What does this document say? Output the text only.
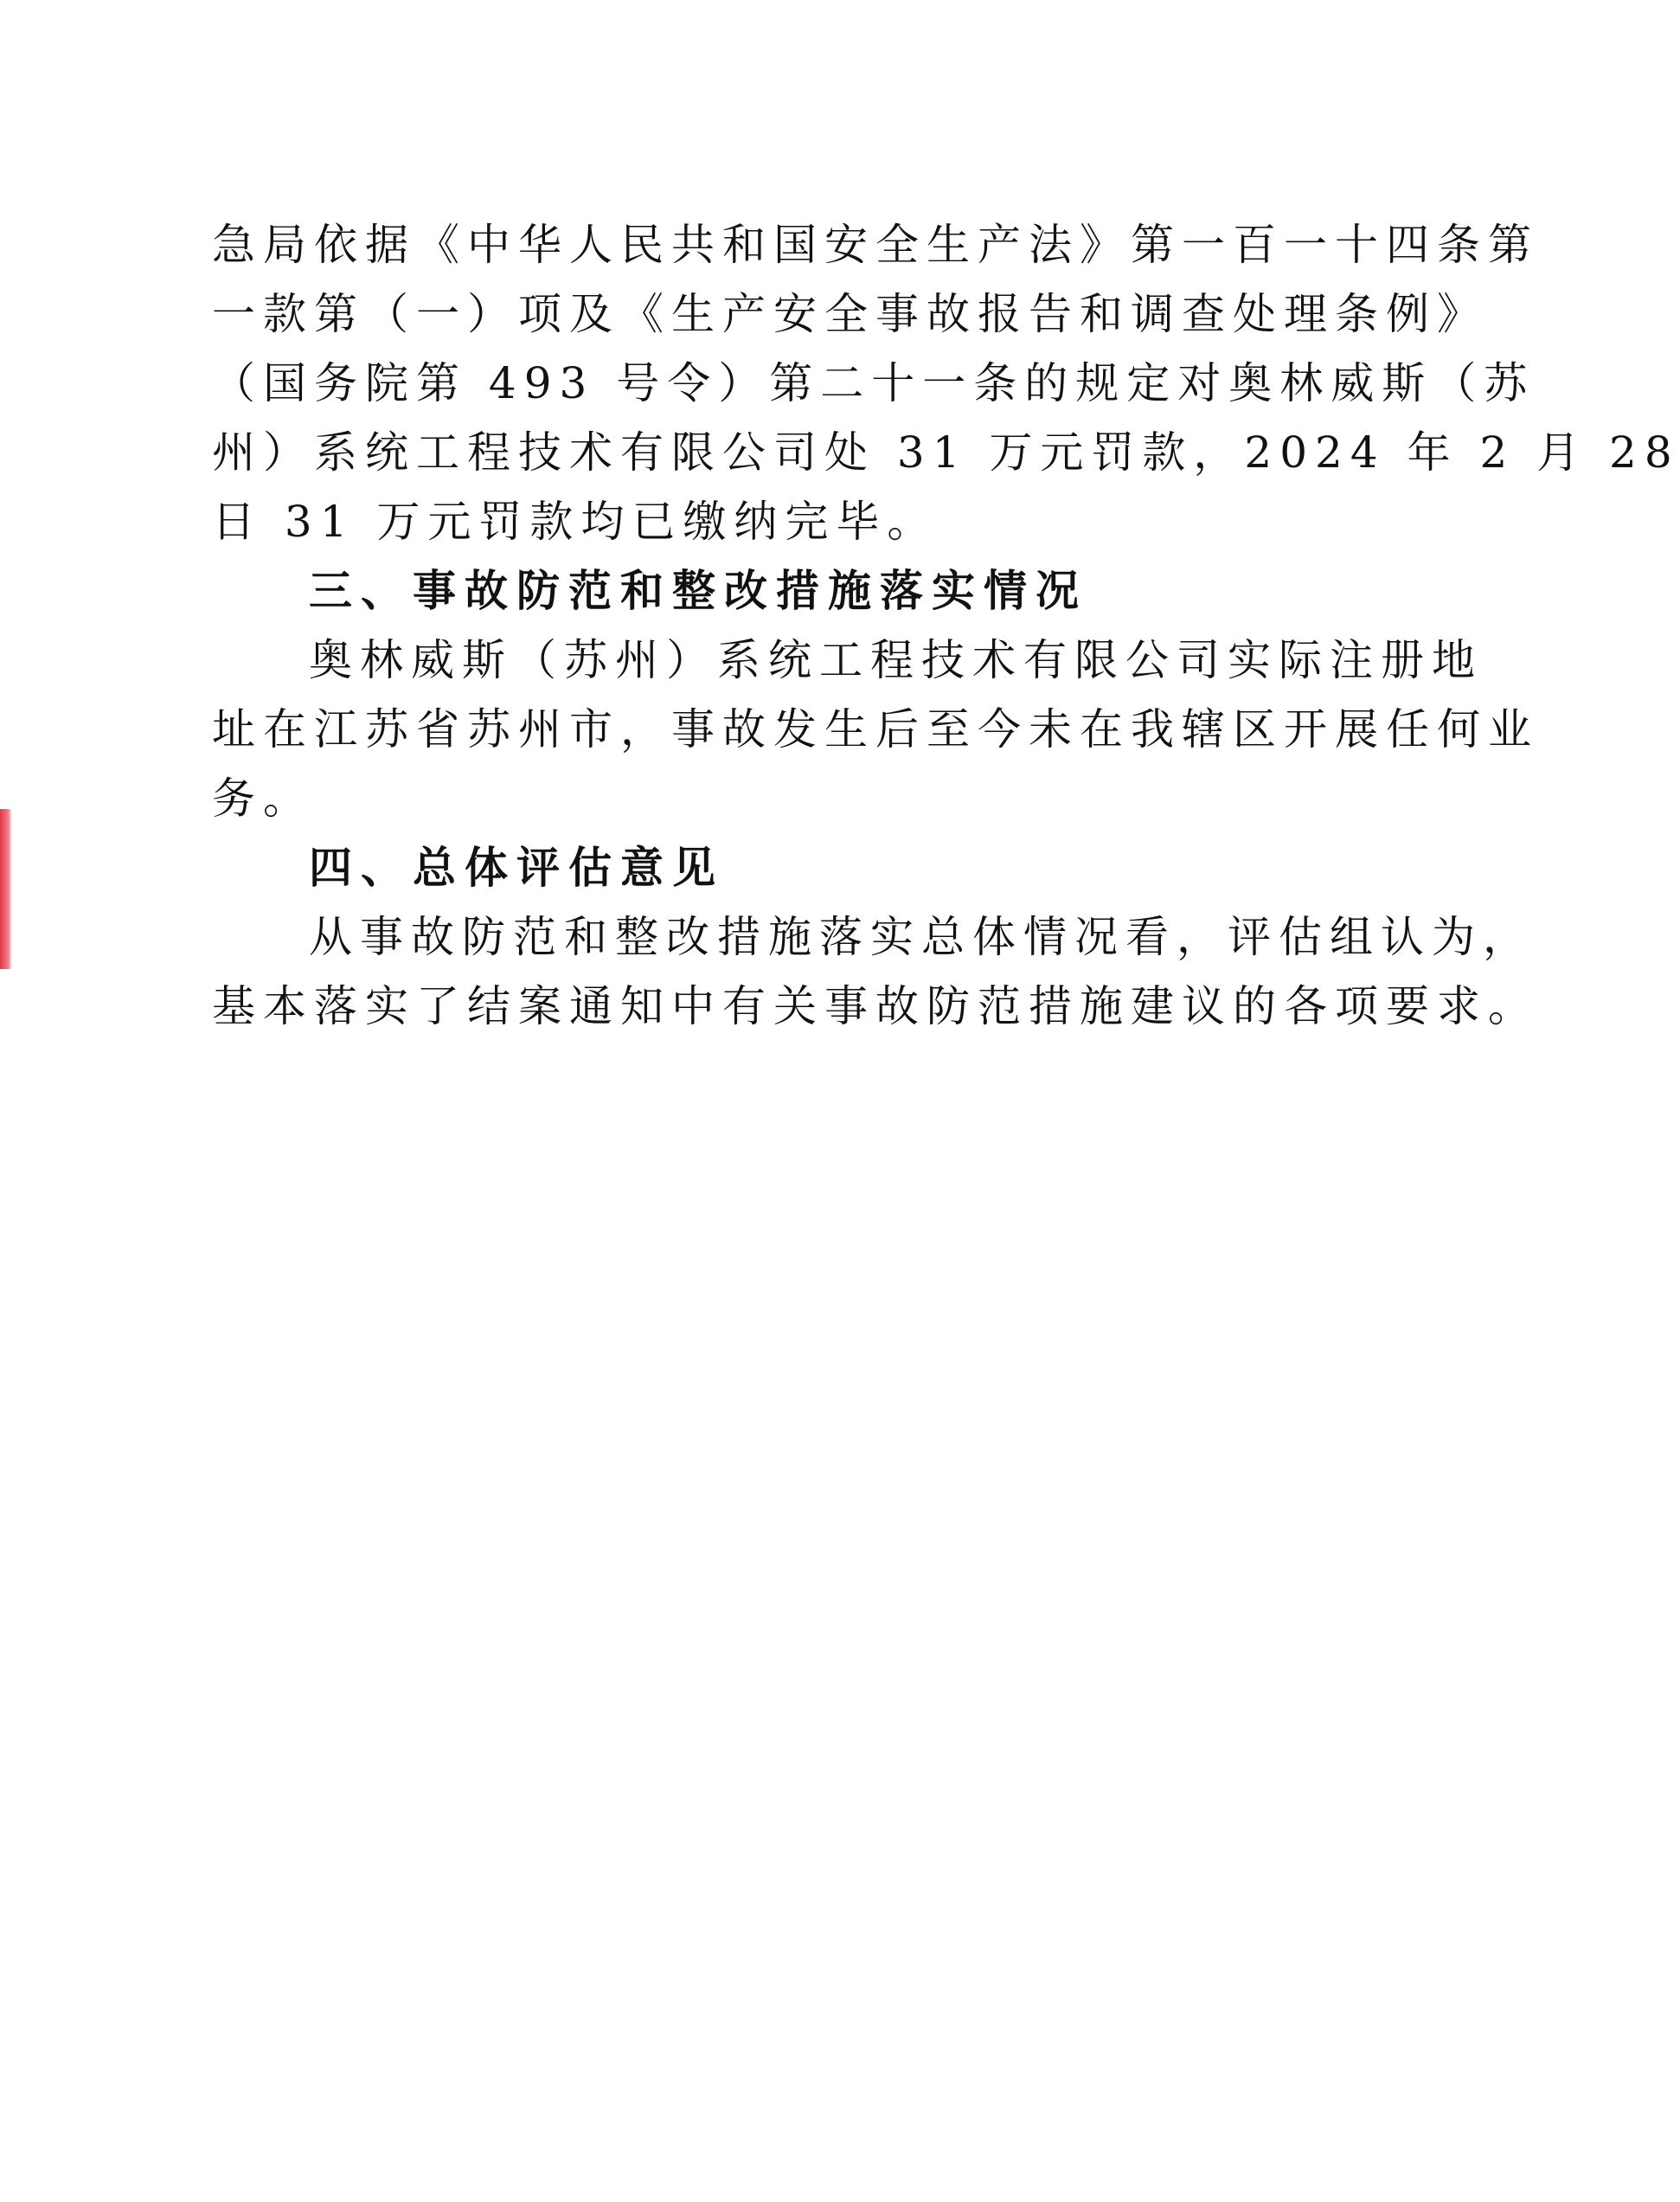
急局依据《中华人民共和国安全生产法》第一百一十四条第
一款第（一）项及《生产安全事故报告和调查处理条例》
（国务院第 493 号令）第二十一条的规定对奥林威斯（苏
州）系统工程技术有限公司处 31 万元罚款，2024 年 2 月 28
日 31 万元罚款均已缴纳完毕。
三、事故防范和整改措施落实情况
奥林威斯（苏州）系统工程技术有限公司实际注册地
址在江苏省苏州市，事故发生后至今未在我辖区开展任何业
务。
四、总体评估意见
从事故防范和整改措施落实总体情况看，评估组认为，
基本落实了结案通知中有关事故防范措施建议的各项要求。
